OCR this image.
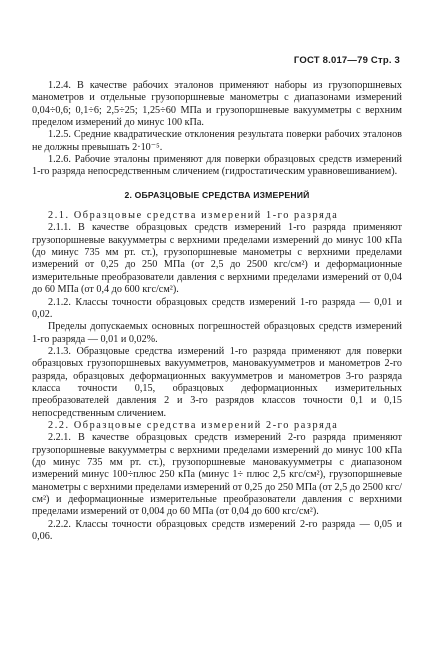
ГОСТ 8.017—79 Стр. 3

1.2.4. В качестве рабочих эталонов применяют наборы из грузопоршневых манометров и отдельные грузопоршневые манометры с диапазонами измерений 0,04÷0,6; 0,1÷6; 2,5÷25; 1,25÷60 МПа и грузопоршневые вакуумметры с верхним пределом измерений до минус 100 кПа.

1.2.5. Средние квадратические отклонения результата поверки рабочих эталонов не должны превышать 2·10⁻⁵.

1.2.6. Рабочие эталоны применяют для поверки образцовых средств измерений 1-го разряда непосредственным сличением (гидростатическим уравновешиванием).

2. ОБРАЗЦОВЫЕ СРЕДСТВА ИЗМЕРЕНИЙ

2.1. Образцовые средства измерений 1-го разряда

2.1.1. В качестве образцовых средств измерений 1-го разряда применяют грузопоршневые вакуумметры с верхними пределами измерений до минус 100 кПа (до минус 735 мм рт. ст.), грузопоршневые манометры с верхними пределами измерений от 0,25 до 250 МПа (от 2,5 до 2500 кгс/см²) и деформационные измерительные преобразователи давления с верхними пределами измерений от 0,04 до 60 МПа (от 0,4 до 600 кгс/см²).

2.1.2. Классы точности образцовых средств измерений 1-го разряда — 0,01 и 0,02.

Пределы допускаемых основных погрешностей образцовых средств измерений 1-го разряда — 0,01 и 0,02%.

2.1.3. Образцовые средства измерений 1-го разряда применяют для поверки образцовых грузопоршневых вакуумметров, мановакуумметров и манометров 2-го разряда, образцовых деформационных вакуумметров и манометров 3-го разряда класса точности 0,15, образцовых деформационных измерительных преобразователей давления 2 и 3-го разрядов классов точности 0,1 и 0,15 непосредственным сличением.

2.2. Образцовые средства измерений 2-го разряда

2.2.1. В качестве образцовых средств измерений 2-го разряда применяют грузопоршневые вакуумметры с верхними пределами измерений до минус 100 кПа (до минус 735 мм рт. ст.), грузопоршневые мановакуумметры с диапазоном измерений минус 100÷плюс 250 кПа (минус 1÷ плюс 2,5 кгс/см²), грузопоршневые манометры с верхними пределами измерений от 0,25 до 250 МПа (от 2,5 до 2500 кгс/см²) и деформационные измерительные преобразователи давления с верхними пределами измерений от 0,004 до 60 МПа (от 0,04 до 600 кгс/см²).

2.2.2. Классы точности образцовых средств измерений 2-го разряда — 0,05 и 0,06.
